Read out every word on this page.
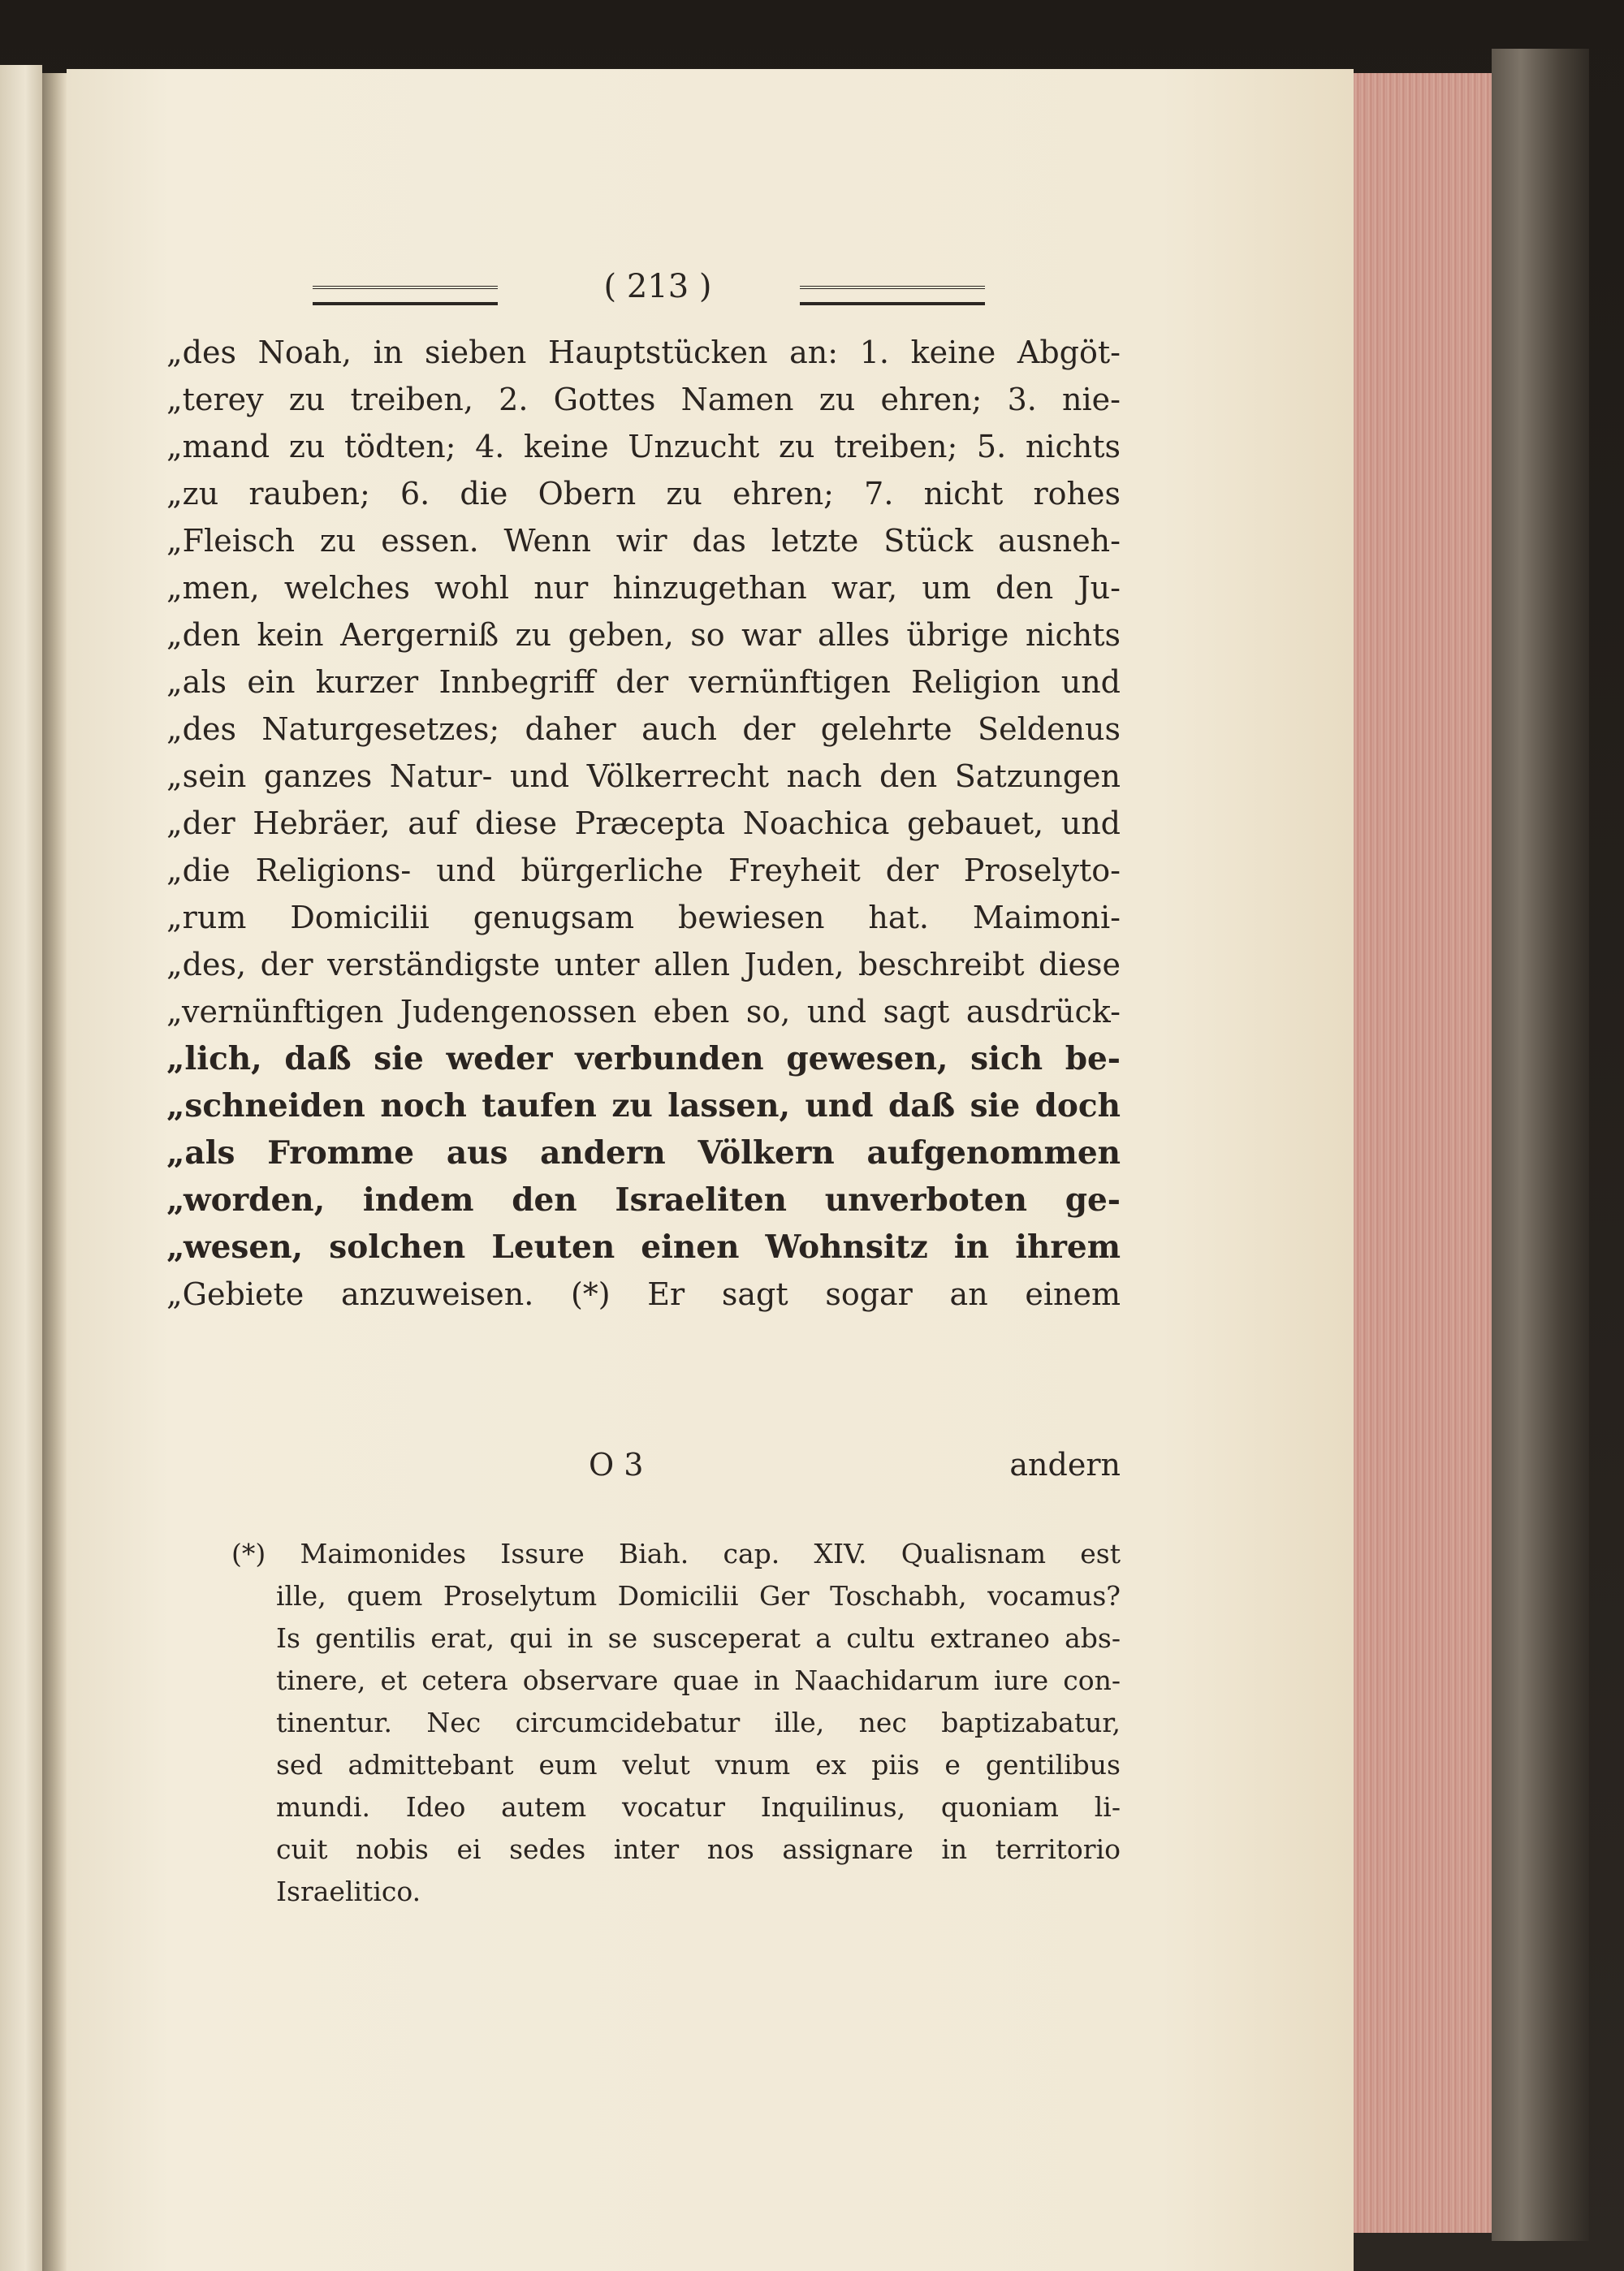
( 213 )
„des Noah, in sieben Hauptstücken an: 1. keine Abgöt-
„terey zu treiben, 2. Gottes Namen zu ehren; 3. nie-
„mand zu tödten; 4. keine Unzucht zu treiben; 5. nichts
„zu rauben; 6. die Obern zu ehren; 7. nicht rohes
„Fleisch zu essen. Wenn wir das letzte Stück ausneh-
„men, welches wohl nur hinzugethan war, um den Ju-
„den kein Aergerniß zu geben, so war alles übrige nichts
„als ein kurzer Innbegriff der vernünftigen Religion und
„des Naturgesetzes; daher auch der gelehrte Seldenus
„sein ganzes Natur- und Völkerrecht nach den Satzungen
„der Hebräer, auf diese Præcepta Noachica gebauet, und
„die Religions- und bürgerliche Freyheit der Proselyto-
„rum Domicilii genugsam bewiesen hat. Maimoni-
„des, der verständigste unter allen Juden, beschreibt diese
„vernünftigen Judengenossen eben so, und sagt ausdrück-
„lich, daß sie weder verbunden gewesen, sich be-
„schneiden noch taufen zu lassen, und daß sie doch
„als Fromme aus andern Völkern aufgenommen
„worden, indem den Israeliten unverboten ge-
„wesen, solchen Leuten einen Wohnsitz in ihrem
„Gebiete anzuweisen. (*) Er sagt sogar an einem
O 3	andern
(*) Maimonides Issure Biah. cap. XIV. Qualisnam est
ille, quem Proselytum Domicilii Ger Toschabh, vocamus?
Is gentilis erat, qui in se susceperat a cultu extraneo abs-
tinere, et cetera observare quae in Naachidarum iure con-
tinentur. Nec circumcidebatur ille, nec baptizabatur,
sed admittebant eum velut vnum ex piis e gentilibus
mundi. Ideo autem vocatur Inquilinus, quoniam li-
cuit nobis ei sedes inter nos assignare in territorio
Israelitico.
